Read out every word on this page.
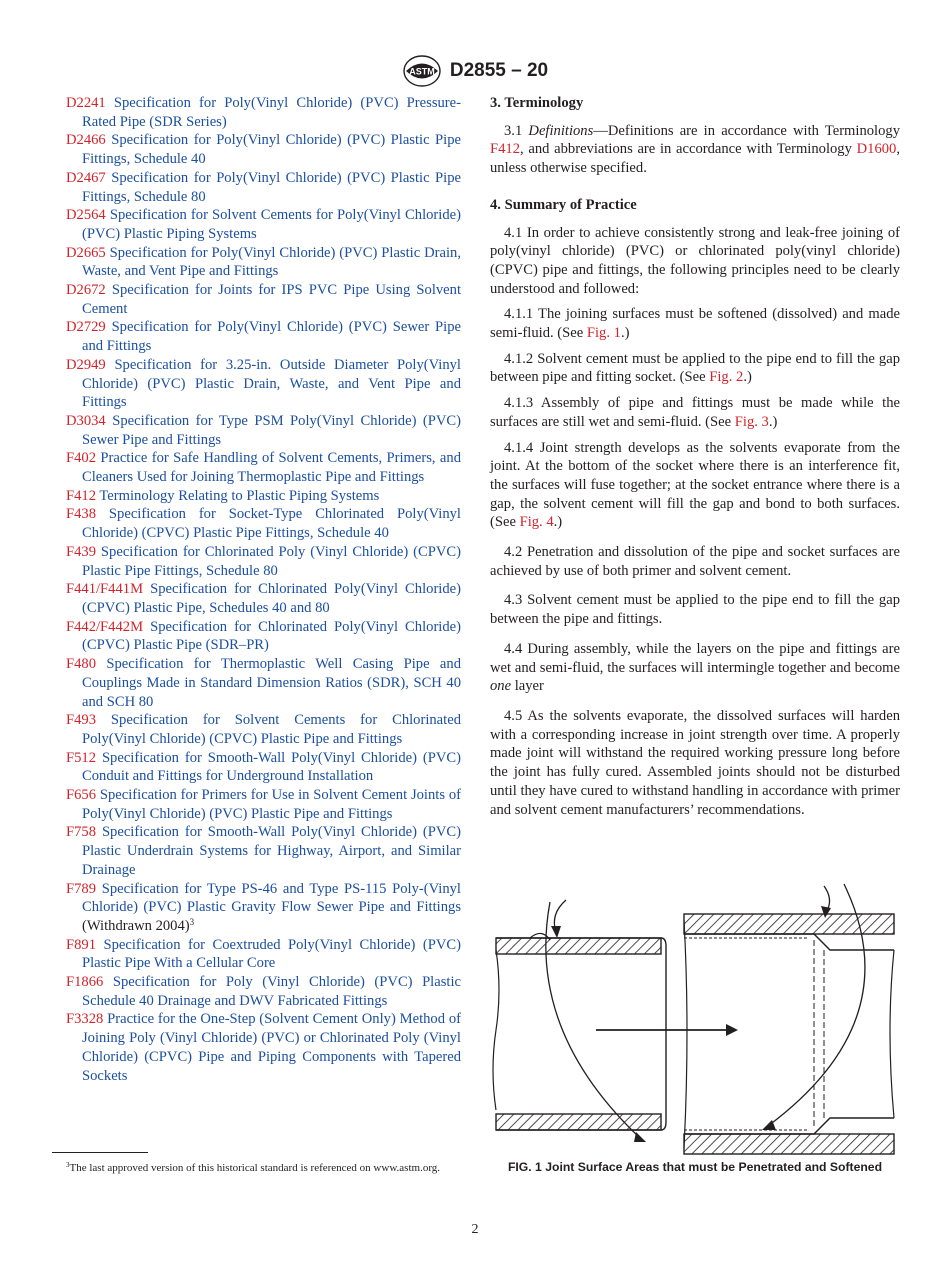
ASTM D2855 – 20
D2241 Specification for Poly(Vinyl Chloride) (PVC) Pressure-Rated Pipe (SDR Series)
D2466 Specification for Poly(Vinyl Chloride) (PVC) Plastic Pipe Fittings, Schedule 40
D2467 Specification for Poly(Vinyl Chloride) (PVC) Plastic Pipe Fittings, Schedule 80
D2564 Specification for Solvent Cements for Poly(Vinyl Chloride) (PVC) Plastic Piping Systems
D2665 Specification for Poly(Vinyl Chloride) (PVC) Plastic Drain, Waste, and Vent Pipe and Fittings
D2672 Specification for Joints for IPS PVC Pipe Using Solvent Cement
D2729 Specification for Poly(Vinyl Chloride) (PVC) Sewer Pipe and Fittings
D2949 Specification for 3.25-in. Outside Diameter Poly(Vinyl Chloride) (PVC) Plastic Drain, Waste, and Vent Pipe and Fittings
D3034 Specification for Type PSM Poly(Vinyl Chloride) (PVC) Sewer Pipe and Fittings
F402 Practice for Safe Handling of Solvent Cements, Primers, and Cleaners Used for Joining Thermoplastic Pipe and Fittings
F412 Terminology Relating to Plastic Piping Systems
F438 Specification for Socket-Type Chlorinated Poly(Vinyl Chloride) (CPVC) Plastic Pipe Fittings, Schedule 40
F439 Specification for Chlorinated Poly (Vinyl Chloride) (CPVC) Plastic Pipe Fittings, Schedule 80
F441/F441M Specification for Chlorinated Poly(Vinyl Chloride) (CPVC) Plastic Pipe, Schedules 40 and 80
F442/F442M Specification for Chlorinated Poly(Vinyl Chloride) (CPVC) Plastic Pipe (SDR–PR)
F480 Specification for Thermoplastic Well Casing Pipe and Couplings Made in Standard Dimension Ratios (SDR), SCH 40 and SCH 80
F493 Specification for Solvent Cements for Chlorinated Poly(Vinyl Chloride) (CPVC) Plastic Pipe and Fittings
F512 Specification for Smooth-Wall Poly(Vinyl Chloride) (PVC) Conduit and Fittings for Underground Installation
F656 Specification for Primers for Use in Solvent Cement Joints of Poly(Vinyl Chloride) (PVC) Plastic Pipe and Fittings
F758 Specification for Smooth-Wall Poly(Vinyl Chloride) (PVC) Plastic Underdrain Systems for Highway, Airport, and Similar Drainage
F789 Specification for Type PS-46 and Type PS-115 Poly-(Vinyl Chloride) (PVC) Plastic Gravity Flow Sewer Pipe and Fittings (Withdrawn 2004)$^3$
F891 Specification for Coextruded Poly(Vinyl Chloride) (PVC) Plastic Pipe With a Cellular Core
F1866 Specification for Poly (Vinyl Chloride) (PVC) Plastic Schedule 40 Drainage and DWV Fabricated Fittings
F3328 Practice for the One-Step (Solvent Cement Only) Method of Joining Poly (Vinyl Chloride) (PVC) or Chlorinated Poly (Vinyl Chloride) (CPVC) Pipe and Piping Components with Tapered Sockets
3. Terminology

3.1 Definitions—Definitions are in accordance with Terminology F412, and abbreviations are in accordance with Terminology D1600, unless otherwise specified.

4. Summary of Practice

4.1 In order to achieve consistently strong and leak-free joining of poly(vinyl chloride) (PVC) or chlorinated poly(vinyl chloride) (CPVC) pipe and fittings, the following principles need to be clearly understood and followed:

4.1.1 The joining surfaces must be softened (dissolved) and made semi-fluid. (See Fig. 1.)

4.1.2 Solvent cement must be applied to the pipe end to fill the gap between pipe and fitting socket. (See Fig. 2.)

4.1.3 Assembly of pipe and fittings must be made while the surfaces are still wet and semi-fluid. (See Fig. 3.)

4.1.4 Joint strength develops as the solvents evaporate from the joint. At the bottom of the socket where there is an interference fit, the surfaces will fuse together; at the socket entrance where there is a gap, the solvent cement will fill the gap and bond to both surfaces. (See Fig. 4.)

4.2 Penetration and dissolution of the pipe and socket surfaces are achieved by use of both primer and solvent cement.

4.3 Solvent cement must be applied to the pipe end to fill the gap between the pipe and fittings.

4.4 During assembly, while the layers on the pipe and fittings are wet and semi-fluid, the surfaces will intermingle together and become one layer

4.5 As the solvents evaporate, the dissolved surfaces will harden with a corresponding increase in joint strength over time. A properly made joint will withstand the required working pressure long before the joint has fully cured. Assembled joints should not be disturbed until they have cured to withstand handling in accordance with primer and solvent cement manufacturers’ recommendations.

FIG. 1 Joint Surface Areas that must be Penetrated and Softened
$^3$The last approved version of this historical standard is referenced on www.astm.org.
2
